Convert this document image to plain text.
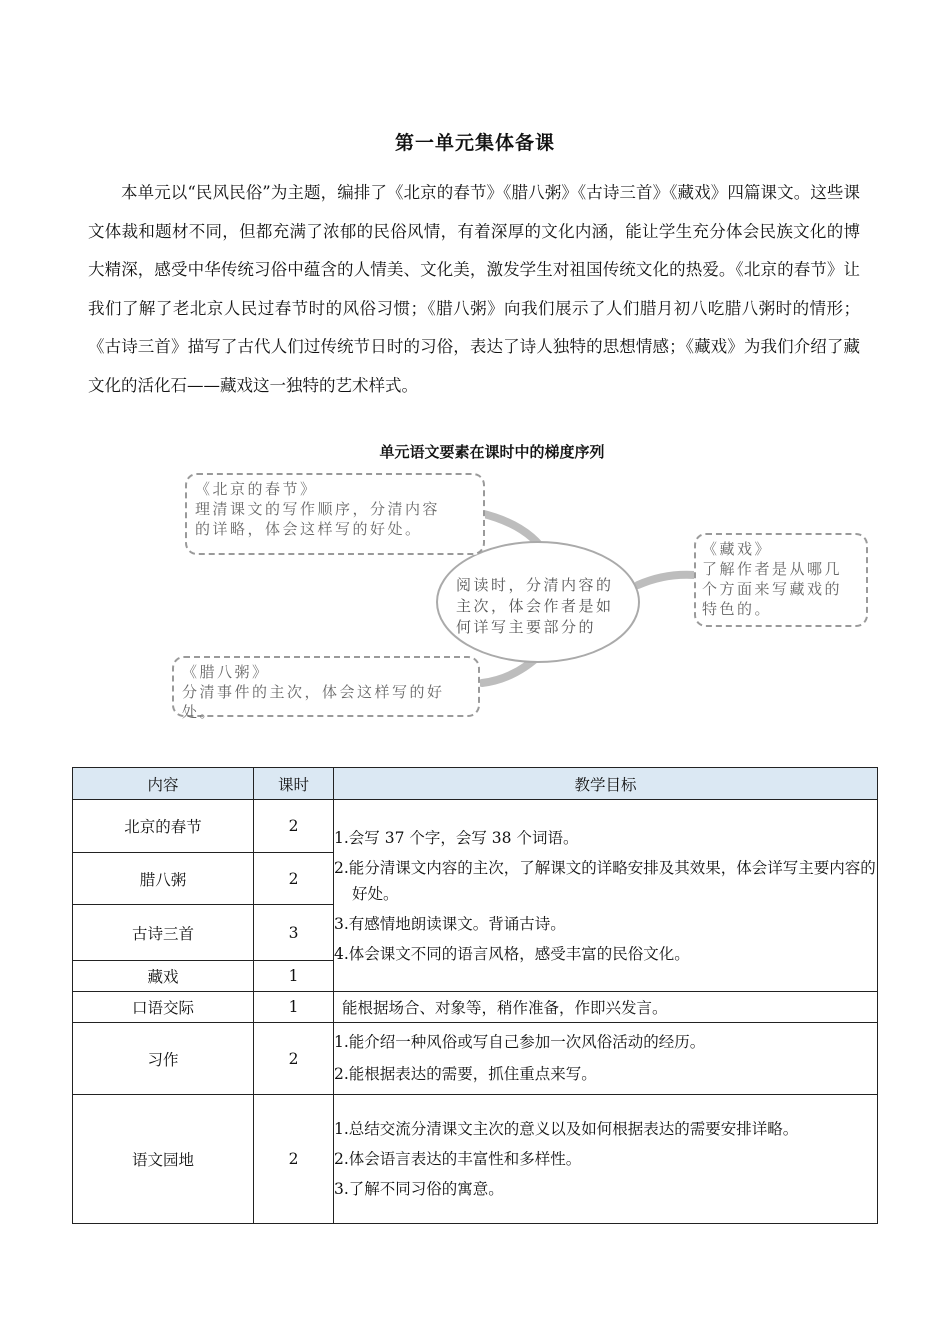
第一单元集体备课

本单元以“民风民俗”为主题，编排了《北京的春节》《腊八粥》《古诗三首》《藏戏》四篇课文。这些课文体裁和题材不同，但都充满了浓郁的民俗风情，有着深厚的文化内涵，能让学生充分体会民族文化的博大精深，感受中华传统习俗中蕴含的人情美、文化美，激发学生对祖国传统文化的热爱。《北京的春节》让我们了解了老北京人民过春节时的风俗习惯；《腊八粥》向我们展示了人们腊月初八吃腊八粥时的情形；《古诗三首》描写了古代人们过传统节日时的习俗，表达了诗人独特的思想情感；《藏戏》为我们介绍了藏文化的活化石——藏戏这一独特的艺术样式。

单元语文要素在课时中的梯度序列
阅读时，分清内容的
主次，体会作者是如
何详写主要部分的
《北京的春节》
理清课文的写作顺序，分清内容
的详略，体会这样写的好处。
《藏戏》
了解作者是从哪几
个方面来写藏戏的
特色的。
《腊八粥》
分清事件的主次，体会这样写的好处。
内容	课时	教学目标
北京的春节	2	1.会写 37 个字，会写 38 个词语。
2.能分清课文内容的主次，了解课文的详略安排及其效果，体会详写主要内容的好处。
3.有感情地朗读课文。背诵古诗。
4.体会课文不同的语言风格，感受丰富的民俗文化。

腊八粥	2	
古诗三首	3	
藏戏	1	
口语交际	1	能根据场合、对象等，稍作准备，作即兴发言。
习作	2	1.能介绍一种风俗或写自己参加一次风俗活动的经历。
2.能根据表达的需要，抓住重点来写。

语文园地	2	1.总结交流分清课文主次的意义以及如何根据表达的需要安排详略。
2.体会语言表达的丰富性和多样性。
3.了解不同习俗的寓意。
